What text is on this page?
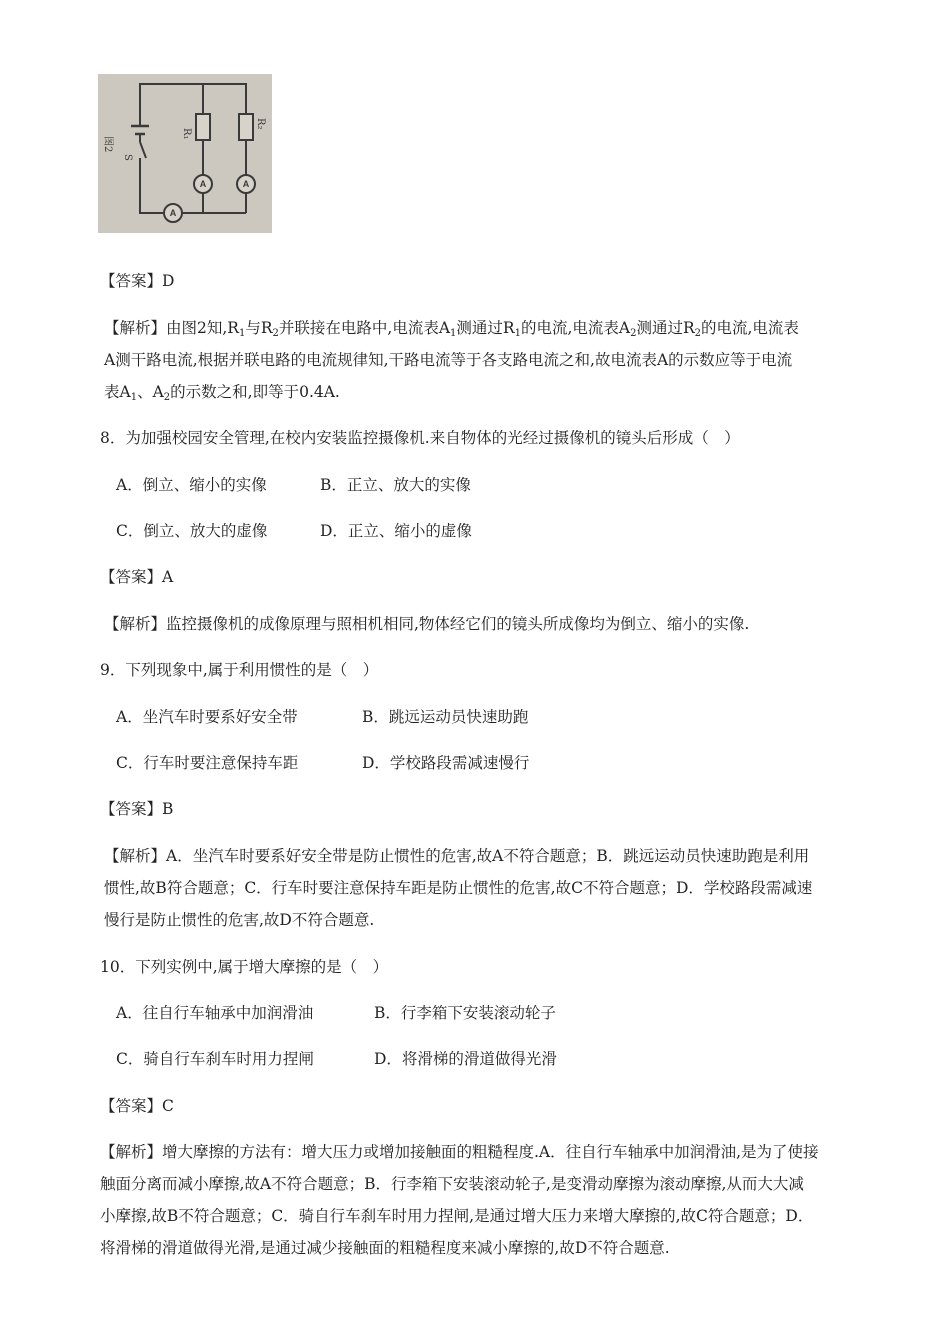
A	A
A
R₁
R₂
S
图2
【答案】D
【解析】由图2知$,R_1$与$R_2$并联接在电路中,电流表$A_1$测通过$R_1$的电流,电流表$A_2$测通过$R_2$的电流,电流表
A测干路电流,根据并联电路的电流规律知,干路电流等于各支路电流之和,故电流表A的示数应等于电流
表$A_1$、$A_2$的示数之和,即等于0.4A.
8．为加强校园安全管理,在校内安装监控摄像机.来自物体的光经过摄像机的镜头后形成（　）
A．倒立、缩小的实像	B．正立、放大的实像
C．倒立、放大的虚像	D．正立、缩小的虚像
【答案】A
【解析】监控摄像机的成像原理与照相机相同,物体经它们的镜头所成像均为倒立、缩小的实像.
9．下列现象中,属于利用惯性的是（　）
A．坐汽车时要系好安全带	B．跳远运动员快速助跑
C．行车时要注意保持车距	D．学校路段需减速慢行
【答案】B
【解析】A．坐汽车时要系好安全带是防止惯性的危害,故A不符合题意；B．跳远运动员快速助跑是利用
惯性,故B符合题意；C．行车时要注意保持车距是防止惯性的危害,故C不符合题意；D．学校路段需减速
慢行是防止惯性的危害,故D不符合题意.
10．下列实例中,属于增大摩擦的是（　）
A．往自行车轴承中加润滑油	B．行李箱下安装滚动轮子
C．骑自行车刹车时用力捏闸	D．将滑梯的滑道做得光滑
【答案】C
【解析】增大摩擦的方法有：增大压力或增加接触面的粗糙程度.A．往自行车轴承中加润滑油,是为了使接
触面分离而减小摩擦,故A不符合题意；B．行李箱下安装滚动轮子,是变滑动摩擦为滚动摩擦,从而大大减
小摩擦,故B不符合题意；C．骑自行车刹车时用力捏闸,是通过增大压力来增大摩擦的,故C符合题意；D．
将滑梯的滑道做得光滑,是通过减少接触面的粗糙程度来减小摩擦的,故D不符合题意.
